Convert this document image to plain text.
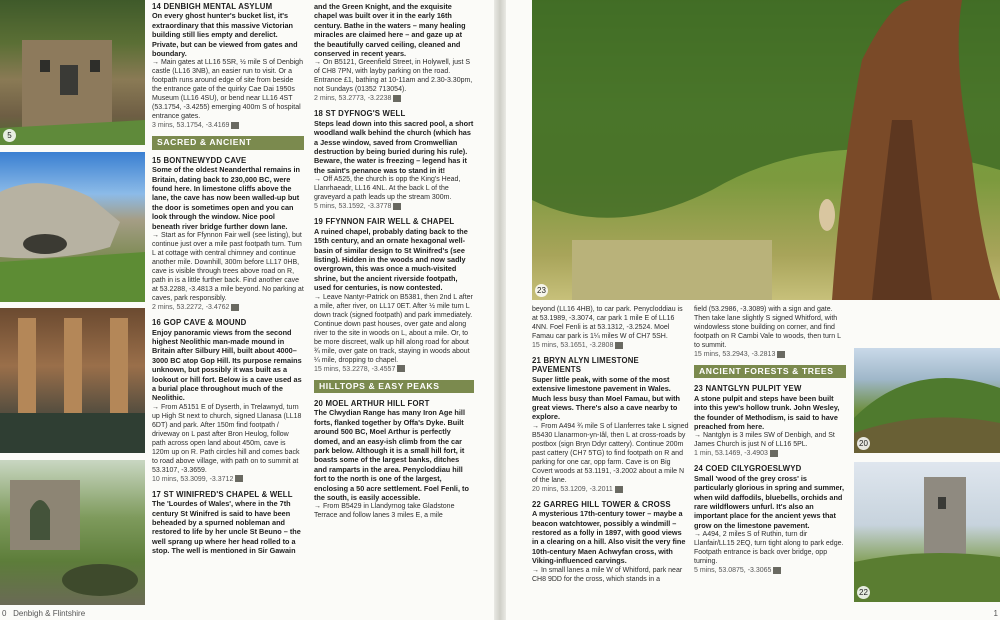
5
14 DENBIGH MENTAL ASYLUM
On every ghost hunter's bucket list, it's extraordinary that this massive Victorian building still lies empty and derelict. Private, but can be viewed from gates and boundary.
→ Main gates at LL16 5SR, ½ mile S of Denbigh castle (LL16 3NB), an easier run to visit. Or a footpath runs around edge of site from beside the entrance gate of the quirky Cae Dai 1950s Museum (LL16 4SU), or bend near LL16 4ST (53.1754, -3.4255) emerging 400m S of hospital entrance gates.
3 mins, 53.1754, -3.4169
SACRED & ANCIENT
15 BONTNEWYDD CAVE
Some of the oldest Neanderthal remains in Britain, dating back to 230,000 BC, were found here. In limestone cliffs above the lane, the cave has now been walled-up but the door is sometimes open and you can look through the window. Nice pool beneath river bridge further down lane.
→ Start as for Ffynnon Fair well (see listing), but continue just over a mile past footpath turn. Turn L at cottage with central chimney and continue another mile. Downhill, 300m before LL17 0HB, cave is visible through trees above road on R, path in is a little further back. Find another cave at 53.2288, -3.4813 a mile beyond. No parking at caves, park responsibly.
2 mins, 53.2272, -3.4762
16 GOP CAVE & MOUND
Enjoy panoramic views from the second highest Neolithic man-made mound in Britain after Silbury Hill, built about 4000–3000 BC atop Gop Hill. Its purpose remains unknown, but possibly it was built as a lookout or hill fort. Below is a cave used as a burial place throughout much of the Neolithic.
→ From A5151 E of Dyserth, in Trelawnyd, turn up High St next to church, signed Llanasa (LL18 6DT) and park. After 150m find footpath / driveway on L past after Bron Heulog, follow path across open land about 450m, cave is 120m up on R. Path circles hill and comes back to road above village, with path on to summit at 53.3107, -3.3659.
10 mins, 53.3099, -3.3712
17 ST WINIFRED'S CHAPEL & WELL
The 'Lourdes of Wales', where in the 7th century St Winifred is said to have been beheaded by a spurned nobleman and restored to life by her uncle St Beuno – the well sprang up where her head rolled to a stop. The well is mentioned in Sir Gawain
and the Green Knight, and the exquisite chapel was built over it in the early 16th century. Bathe in the waters – many healing miracles are claimed here – and gaze up at the beautifully carved ceiling, cleaned and conserved in recent years.
→ On B5121, Greenfield Street, in Holywell, just S of CH8 7PN, with layby parking on the road. Entrance £1, bathing at 10-11am and 2.30-3.30pm, not Sundays (01352 713054).
2 mins, 53.2773, -3.2238
18 ST DYFNOG'S WELL
Steps lead down into this sacred pool, a short woodland walk behind the church (which has a Jesse window, saved from Cromwellian destruction by being buried during his rule). Beware, the water is freezing – legend has it the saint's penance was to stand in it!
→ Off A525, the church is opp the King's Head, Llanrhaeadr, LL16 4NL. At the back L of the graveyard a path leads up the stream 300m.
5 mins, 53.1592, -3.3778
19 FFYNNON FAIR WELL & CHAPEL
A ruined chapel, probably dating back to the 15th century, and an ornate hexagonal well-basin of similar design to St Winifred's (see listing). Hidden in the woods and now sadly overgrown, this was once a much-visited shrine, but the ancient riverside footpath, used for centuries, is now contested.
→ Leave Nantyr-Patrick on B5381, then 2nd L after a mile, after river, on LL17 0ET. After ½ mile turn L down track (signed footpath) and park immediately. Continue down past houses, over gate and along river to the site in woods on L, about a mile. Or, to be more discreet, walk up hill along road for about ¾ mile, over gate on track, staying in woods about ¼ mile, dropping to chapel.
15 mins, 53.2278, -3.4557
HILLTOPS & EASY PEAKS
20 MOEL ARTHUR HILL FORT
The Clwydian Range has many Iron Age hill forts, flanked together by Offa's Dyke. Built around 500 BC, Moel Arthur is perfectly domed, and an easy-ish climb from the car park below. Although it is a small hill fort, it boasts some of the largest banks, ditches and ramparts in the area. Penycloddiau hill fort to the north is one of the largest, enclosing a 50 acre settlement. Foel Fenli, to the south, is easily accessible.
→ From B5429 in Llandyrnog take Gladstone Terrace and follow lanes 3 miles E, a mile
0 Denbigh & Flintshire
23
beyond (LL16 4HB), to car park. Penycloddiau is at 53.1989, -3.3074, car park 1 mile E of LL16 4NN. Foel Fenli is at 53.1312, -3.2524. Moel Famau car park is 1¼ miles W of CH7 5SH.
15 mins, 53.1651, -3.2808
21 BRYN ALYN LIMESTONE PAVEMENTS
Super little peak, with some of the most extensive limestone pavement in Wales. Much less busy than Moel Famau, but with great views. There's also a cave nearby to explore.
→ From A494 ¾ mile S of Llanferres take L signed B5430 Llanarmon-yn-Iâl, then L at cross-roads by postbox (sign Bryn Ddyr cattery). Continue 200m past cattery (CH7 5TG) to find footpath on R and parking for one car, opp farm. Cave is on Big Covert woods at 53.1191, -3.2002 about a mile N of the lane.
20 mins, 53.1209, -3.2011
22 GARREG HILL TOWER & CROSS
A mysterious 17th-century tower – maybe a beacon watchtower, possibly a windmill – restored as a folly in 1897, with good views in a clearing on a hill. Also visit the very fine 10th-century Maen Achwyfan cross, with Viking-influenced carvings.
→ In small lanes a mile W of Whitford, park near CH8 9DD for the cross, which stands in a
field (53.2986, -3.3089) with a sign and gate. Then take lane slightly S signed Whitford, with windowless stone building on corner, and find footpath on R Cambi Vale to woods, then turn L to summit.
15 mins, 53.2943, -3.2813
ANCIENT FORESTS & TREES
23 NANTGLYN PULPIT YEW
A stone pulpit and steps have been built into this yew's hollow trunk. John Wesley, the founder of Methodism, is said to have preached from here.
→ Nantglyn is 3 miles SW of Denbigh, and St James Church is just N of LL16 5PL.
1 min, 53.1469, -3.4903
24 COED CILYGROESLWYD
Small 'wood of the grey cross' is particularly glorious in spring and summer, when wild daffodils, bluebells, orchids and rare wildflowers unfurl. It's also an important place for the ancient yews that grow on the limestone pavement.
→ A494, 2 miles S of Ruthin, turn dir Llanfair/LL15 2EQ, turn tight along to park edge. Footpath entrance is back over bridge, opp turning.
5 mins, 53.0875, -3.3065
20
22
1
